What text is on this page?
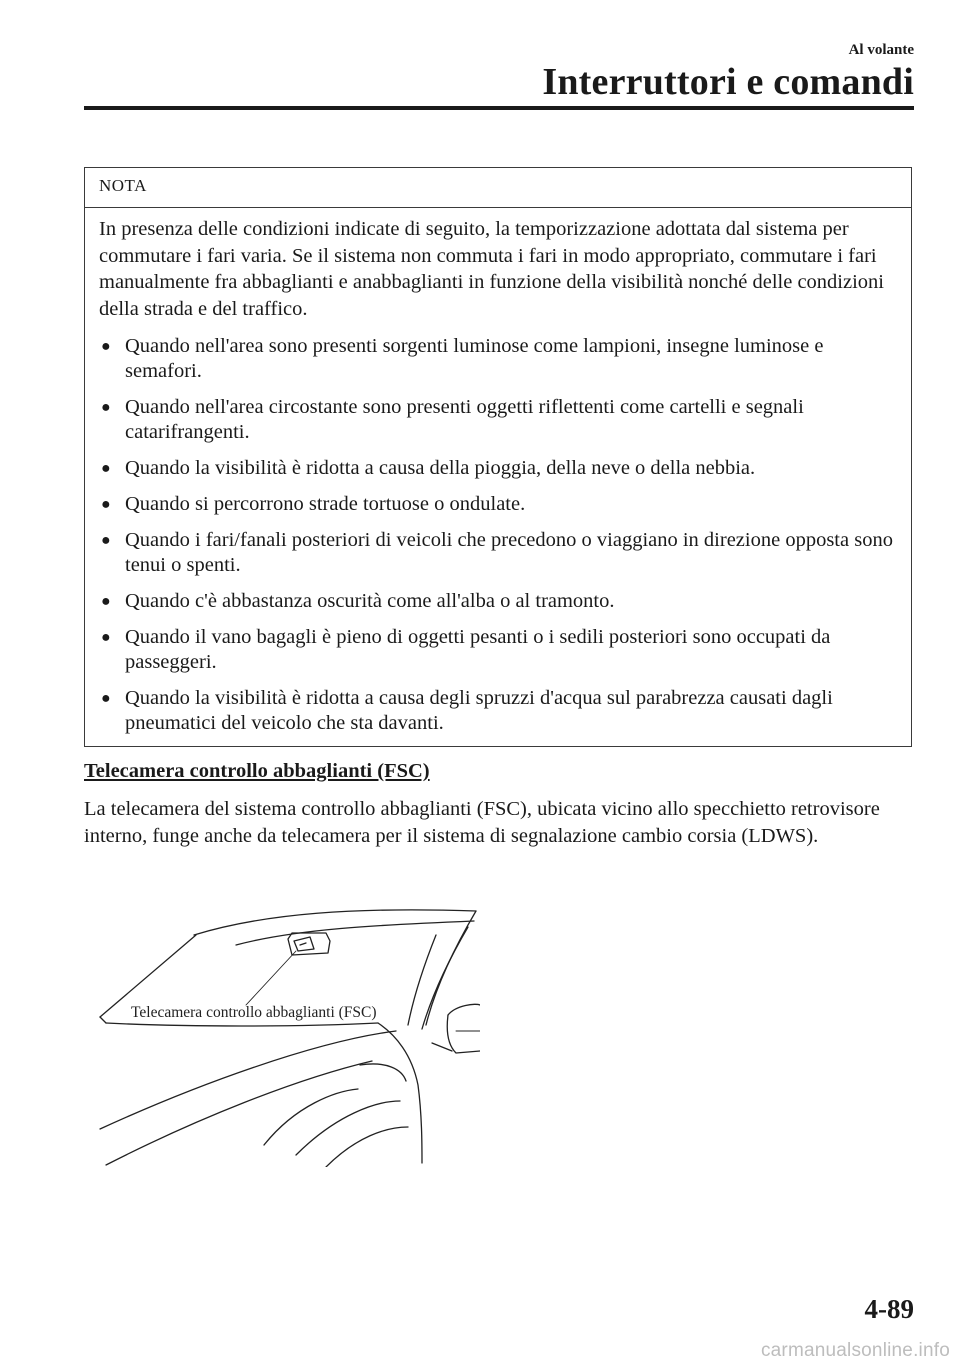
Al volante
Interruttori e comandi
NOTA

In presenza delle condizioni indicate di seguito, la temporizzazione adottata dal sistema per commutare i fari varia. Se il sistema non commuta i fari in modo appropriato, commutare i fari manualmente fra abbaglianti e anabbaglianti in funzione della visibilità nonché delle condizioni della strada e del traffico.

● Quando nell'area sono presenti sorgenti luminose come lampioni, insegne luminose e semafori.
● Quando nell'area circostante sono presenti oggetti riflettenti come cartelli e segnali catarifrangenti.
● Quando la visibilità è ridotta a causa della pioggia, della neve o della nebbia.
● Quando si percorrono strade tortuose o ondulate.
● Quando i fari/fanali posteriori di veicoli che precedono o viaggiano in direzione opposta sono tenui o spenti.
● Quando c'è abbastanza oscurità come all'alba o al tramonto.
● Quando il vano bagagli è pieno di oggetti pesanti o i sedili posteriori sono occupati da passeggeri.
● Quando la visibilità è ridotta a causa degli spruzzi d'acqua sul parabrezza causati dagli pneumatici del veicolo che sta davanti.
Telecamera controllo abbaglianti (FSC)

La telecamera del sistema controllo abbaglianti (FSC), ubicata vicino allo specchietto retrovisore interno, funge anche da telecamera per il sistema di segnalazione cambio corsia (LDWS).

Telecamera controllo abbaglianti (FSC)
4-89
carmanualsonline.info
